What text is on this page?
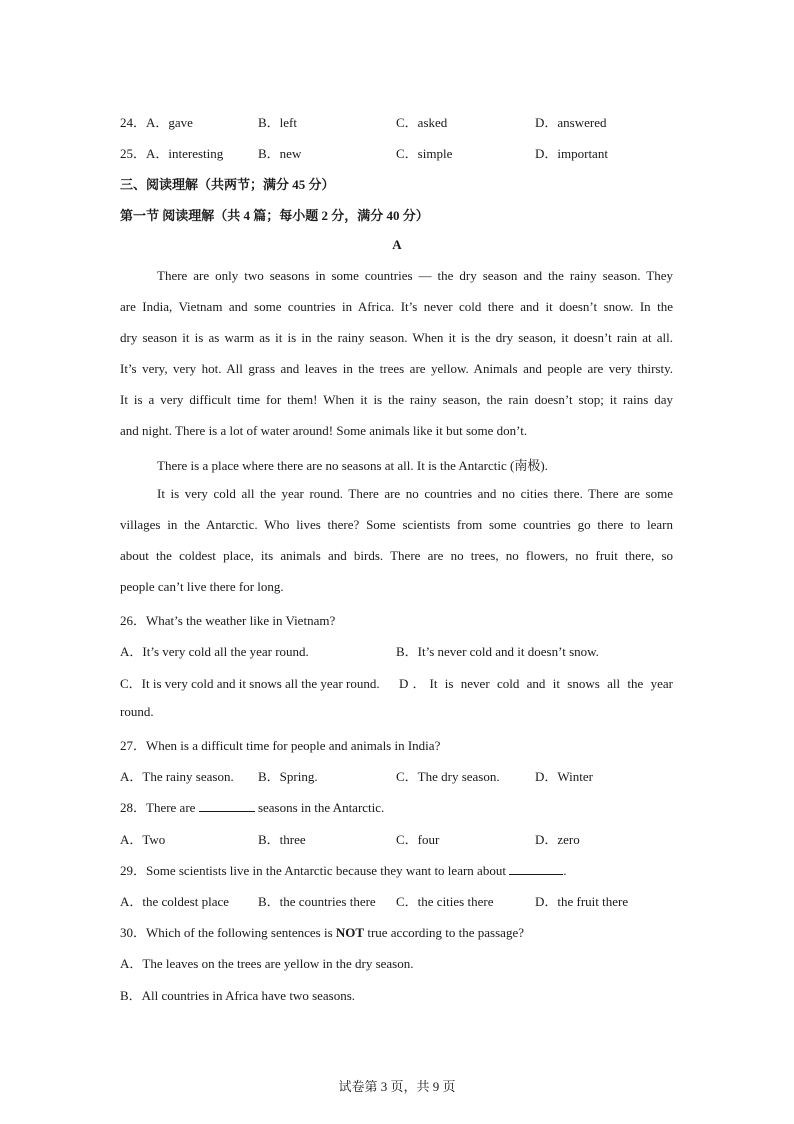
24．A．gave	B．left	C．asked	D．answered
25．A．interesting	B．new	C．simple	D．important
三、阅读理解（共两节；满分 45 分）
第一节 阅读理解（共 4 篇；每小题 2 分，满分 40 分）
A
There are only two seasons in some countries — the dry season and the rainy season. They
are India, Vietnam and some countries in Africa. It’s never cold there and it doesn’t snow. In the
dry season it is as warm as it is in the rainy season. When it is the dry season, it doesn’t rain at all.
It’s very, very hot. All grass and leaves in the trees are yellow. Animals and people are very thirsty.
It is a very difficult time for them! When it is the rainy season, the rain doesn’t stop; it rains day
and night. There is a lot of water around! Some animals like it but some don’t.
There is a place where there are no seasons at all. It is the Antarctic (南极).
It is very cold all the year round. There are no countries and no cities there. There are some
villages in the Antarctic. Who lives there? Some scientists from some countries go there to learn
about the coldest place, its animals and birds. There are no trees, no flowers, no fruit there, so
people can’t live there for long.
26．What’s the weather like in Vietnam?
A．It’s very cold all the year round.	B．It’s never cold and it doesn’t snow.
C．It is very cold and it snows all the year round. D．It is never cold and it snows all the year
round.
27．When is a difficult time for people and animals in India?
A．The rainy season. B．Spring.	C．The dry season.	D．Winter
28．There are	seasons in the Antarctic.
A．Two	B．three	C．four	D．zero
29．Some scientists live in the Antarctic because they want to learn about	.
A．the coldest place B．the countries there C．the cities there	D．the fruit there
30．Which of the following sentences is NOT true according to the passage?
A．The leaves on the trees are yellow in the dry season.
B．All countries in Africa have two seasons.
试卷第 3 页，共 9 页
